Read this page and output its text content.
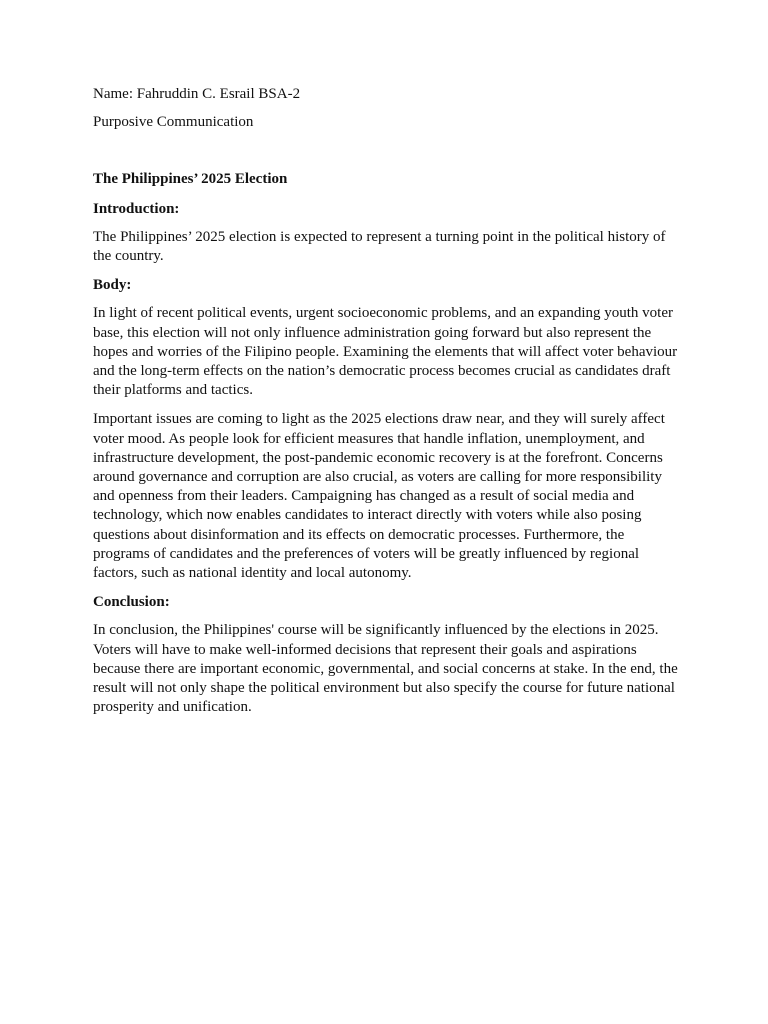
Name: Fahruddin C. Esrail BSA-2

Purposive Communication

The Philippines’ 2025 Election

Introduction:

The Philippines’ 2025 election is expected to represent a turning point in the political history of the country.

Body:

In light of recent political events, urgent socioeconomic problems, and an expanding youth voter base, this election will not only influence administration going forward but also represent the hopes and worries of the Filipino people. Examining the elements that will affect voter behaviour and the long-term effects on the nation’s democratic process becomes crucial as candidates draft their platforms and tactics.

Important issues are coming to light as the 2025 elections draw near, and they will surely affect voter mood. As people look for efficient measures that handle inflation, unemployment, and infrastructure development, the post-pandemic economic recovery is at the forefront. Concerns around governance and corruption are also crucial, as voters are calling for more responsibility and openness from their leaders. Campaigning has changed as a result of social media and technology, which now enables candidates to interact directly with voters while also posing questions about disinformation and its effects on democratic processes. Furthermore, the programs of candidates and the preferences of voters will be greatly influenced by regional factors, such as national identity and local autonomy.

Conclusion:

In conclusion, the Philippines' course will be significantly influenced by the elections in 2025. Voters will have to make well-informed decisions that represent their goals and aspirations because there are important economic, governmental, and social concerns at stake. In the end, the result will not only shape the political environment but also specify the course for future national prosperity and unification.
